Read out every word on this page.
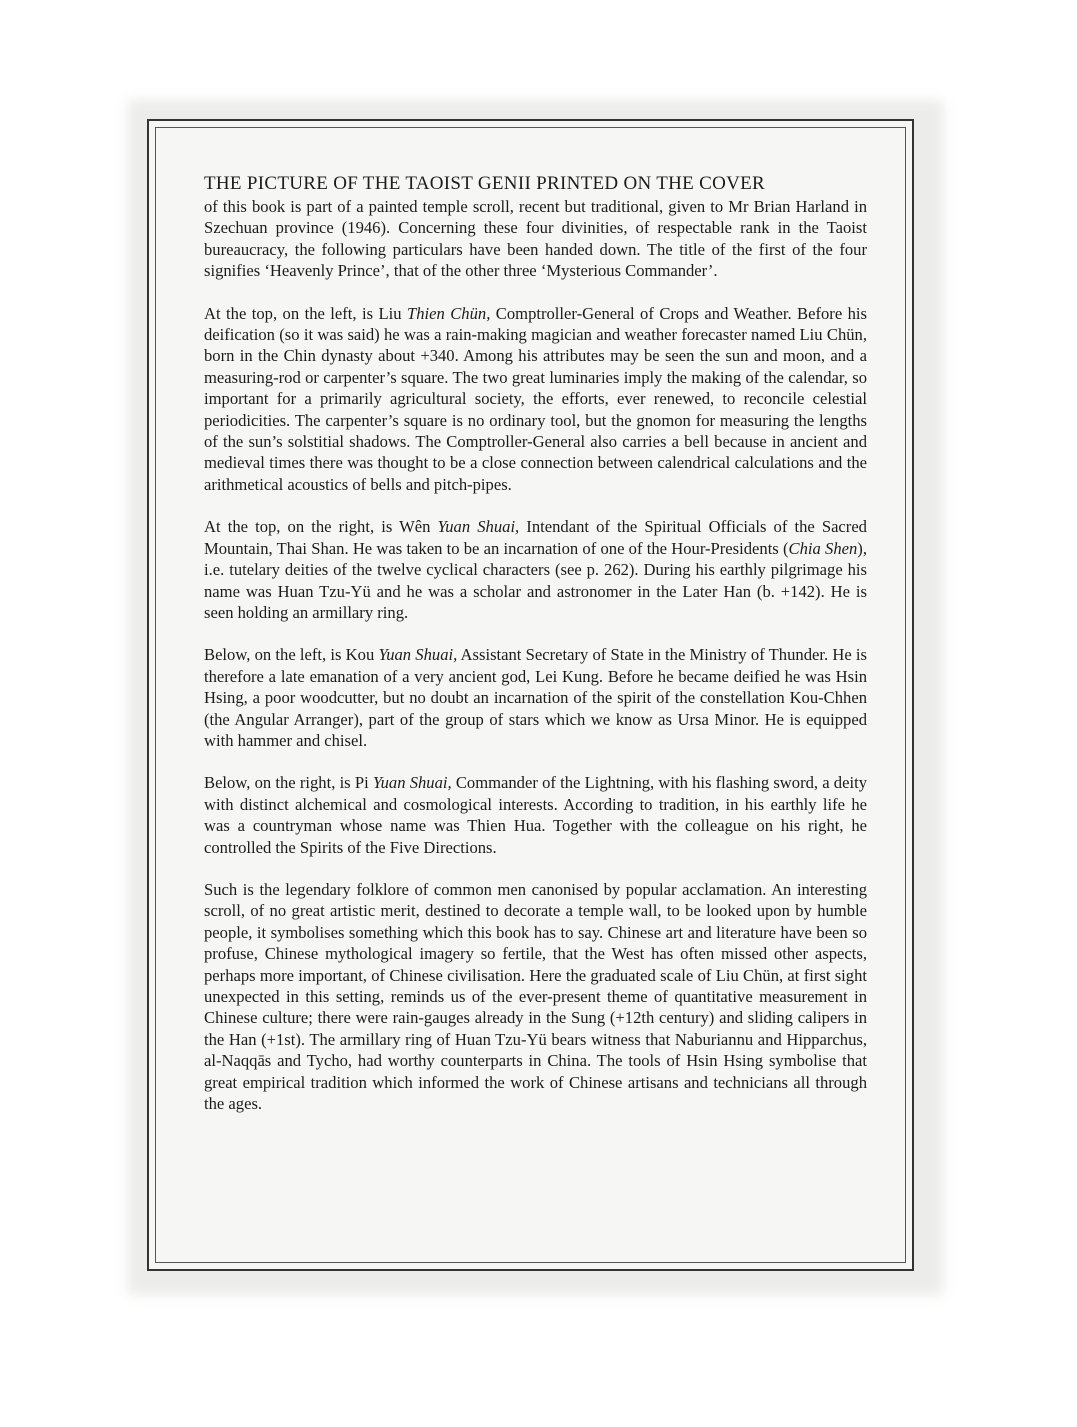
THE PICTURE OF THE TAOIST GENII PRINTED ON THE COVER
of this book is part of a painted temple scroll, recent but traditional, given to Mr Brian Harland in Szechuan province (1946). Concerning these four divinities, of respectable rank in the Taoist bureaucracy, the following particulars have been handed down. The title of the first of the four signifies ‘Heavenly Prince’, that of the other three ‘Mysterious Commander’.

At the top, on the left, is Liu Thien Chün, Comptroller-General of Crops and Weather. Before his deification (so it was said) he was a rain-making magician and weather forecaster named Liu Chün, born in the Chin dynasty about +340. Among his attributes may be seen the sun and moon, and a measuring-rod or carpenter’s square. The two great luminaries imply the making of the calendar, so important for a primarily agricultural society, the efforts, ever renewed, to reconcile celestial periodicities. The carpenter’s square is no ordinary tool, but the gnomon for measuring the lengths of the sun’s solstitial shadows. The Comptroller-General also carries a bell because in ancient and medieval times there was thought to be a close connection between calendrical calculations and the arithmetical acoustics of bells and pitch-pipes.

At the top, on the right, is Wên Yuan Shuai, Intendant of the Spiritual Officials of the Sacred Mountain, Thai Shan. He was taken to be an incarnation of one of the Hour-Presidents (Chia Shen), i.e. tutelary deities of the twelve cyclical characters (see p. 262). During his earthly pilgrimage his name was Huan Tzu-Yü and he was a scholar and astronomer in the Later Han (b. +142). He is seen holding an armillary ring.

Below, on the left, is Kou Yuan Shuai, Assistant Secretary of State in the Ministry of Thunder. He is therefore a late emanation of a very ancient god, Lei Kung. Before he became deified he was Hsin Hsing, a poor woodcutter, but no doubt an incarnation of the spirit of the constellation Kou-Chhen (the Angular Arranger), part of the group of stars which we know as Ursa Minor. He is equipped with hammer and chisel.

Below, on the right, is Pi Yuan Shuai, Commander of the Lightning, with his flashing sword, a deity with distinct alchemical and cosmological interests. According to tradition, in his earthly life he was a countryman whose name was Thien Hua. Together with the colleague on his right, he controlled the Spirits of the Five Directions.

Such is the legendary folklore of common men canonised by popular acclamation. An interesting scroll, of no great artistic merit, destined to decorate a temple wall, to be looked upon by humble people, it symbolises something which this book has to say. Chinese art and literature have been so profuse, Chinese mythological imagery so fertile, that the West has often missed other aspects, perhaps more important, of Chinese civilisation. Here the graduated scale of Liu Chün, at first sight unexpected in this setting, reminds us of the ever-present theme of quantitative measurement in Chinese culture; there were rain-gauges already in the Sung (+12th century) and sliding calipers in the Han (+1st). The armillary ring of Huan Tzu-Yü bears witness that Naburiannu and Hipparchus, al-Naqqās and Tycho, had worthy counterparts in China. The tools of Hsin Hsing symbolise that great empirical tradition which informed the work of Chinese artisans and technicians all through the ages.
